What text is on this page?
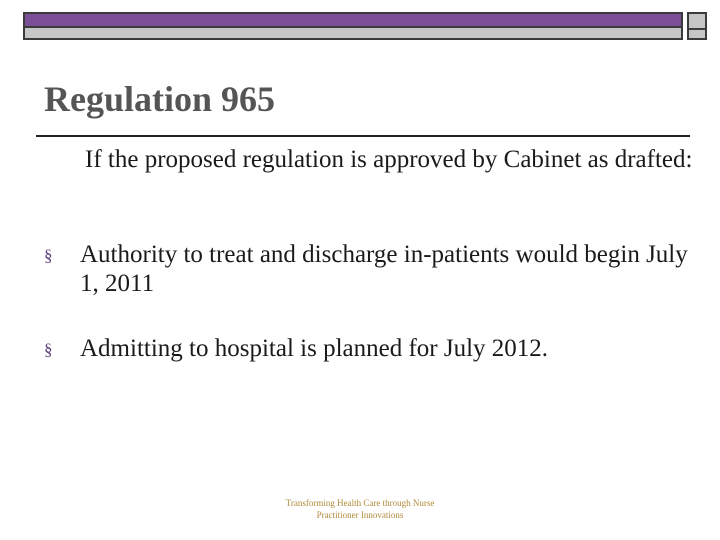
Regulation 965

If the proposed regulation is approved by Cabinet as drafted:

§ Authority to treat and discharge in-patients would begin July 1, 2011

§ Admitting to hospital is planned for July 2012.

Transforming Health Care through Nurse
Practitioner Innovations
